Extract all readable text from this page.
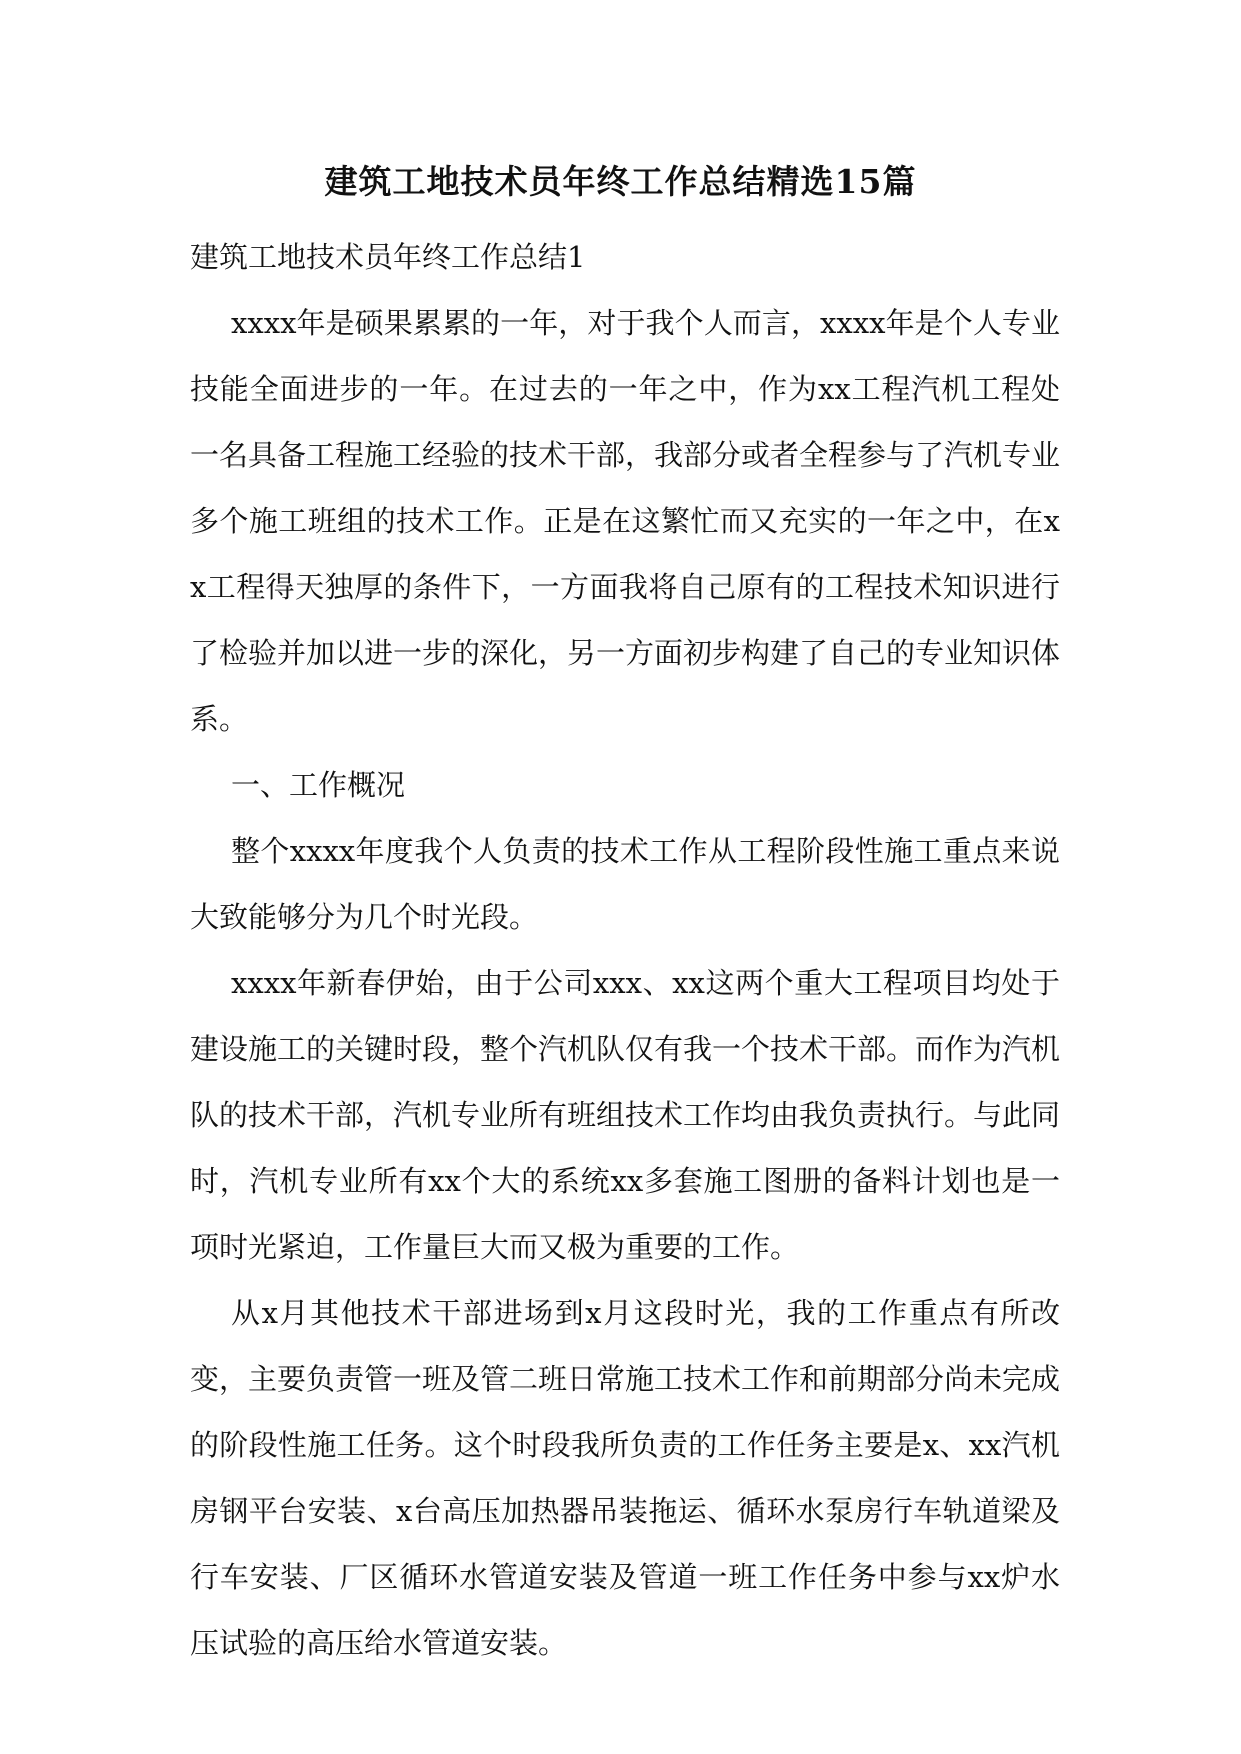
建筑工地技术员年终工作总结精选15篇

建筑工地技术员年终工作总结1

xxxx年是硕果累累的一年，对于我个人而言，xxxx年是个人专业技能全面进步的一年。在过去的一年之中，作为xx工程汽机工程处一名具备工程施工经验的技术干部，我部分或者全程参与了汽机专业多个施工班组的技术工作。正是在这繁忙而又充实的一年之中，在xx工程得天独厚的条件下，一方面我将自己原有的工程技术知识进行了检验并加以进一步的深化，另一方面初步构建了自己的专业知识体系。

一、工作概况

整个xxxx年度我个人负责的技术工作从工程阶段性施工重点来说大致能够分为几个时光段。

xxxx年新春伊始，由于公司xxx、xx这两个重大工程项目均处于建设施工的关键时段，整个汽机队仅有我一个技术干部。而作为汽机队的技术干部，汽机专业所有班组技术工作均由我负责执行。与此同时，汽机专业所有xx个大的系统xx多套施工图册的备料计划也是一项时光紧迫，工作量巨大而又极为重要的工作。

从x月其他技术干部进场到x月这段时光，我的工作重点有所改变，主要负责管一班及管二班日常施工技术工作和前期部分尚未完成的阶段性施工任务。这个时段我所负责的工作任务主要是x、xx汽机房钢平台安装、x台高压加热器吊装拖运、循环水泵房行车轨道梁及行车安装、厂区循环水管道安装及管道一班工作任务中参与xx炉水压试验的高压给水管道安装。
